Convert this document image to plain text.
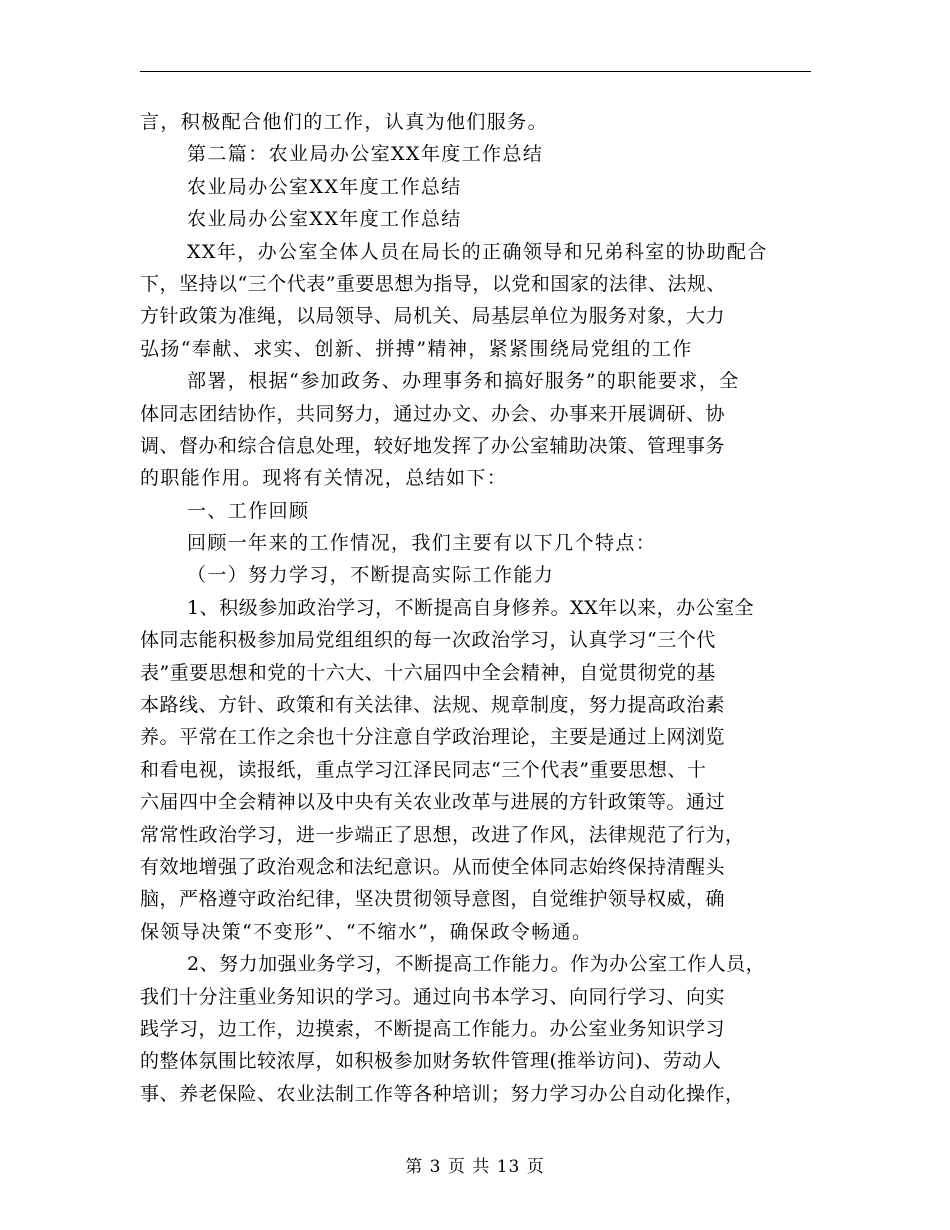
言，积极配合他们的工作，认真为他们服务。
第二篇：农业局办公室XX年度工作总结
农业局办公室XX年度工作总结
农业局办公室XX年度工作总结
XX年，办公室全体人员在局长的正确领导和兄弟科室的协助配合
下，坚持以“三个代表”重要思想为指导，以党和国家的法律、法规、
方针政策为准绳，以局领导、局机关、局基层单位为服务对象，大力
弘扬“奉献、求实、创新、拼搏”精神，紧紧围绕局党组的工作
部署，根据“参加政务、办理事务和搞好服务”的职能要求，全
体同志团结协作，共同努力，通过办文、办会、办事来开展调研、协
调、督办和综合信息处理，较好地发挥了办公室辅助决策、管理事务
的职能作用。现将有关情况，总结如下：
一、工作回顾
回顾一年来的工作情况，我们主要有以下几个特点：
（一）努力学习，不断提高实际工作能力
1、积级参加政治学习，不断提高自身修养。XX年以来，办公室全
体同志能积极参加局党组组织的每一次政治学习，认真学习“三个代
表”重要思想和党的十六大、十六届四中全会精神，自觉贯彻党的基
本路线、方针、政策和有关法律、法规、规章制度，努力提高政治素
养。平常在工作之余也十分注意自学政治理论，主要是通过上网浏览
和看电视，读报纸，重点学习江泽民同志“三个代表”重要思想、十
六届四中全会精神以及中央有关农业改革与进展的方针政策等。通过
常常性政治学习，进一步端正了思想，改进了作风，法律规范了行为，
有效地增强了政治观念和法纪意识。从而使全体同志始终保持清醒头
脑，严格遵守政治纪律，坚决贯彻领导意图，自觉维护领导权威，确
保领导决策“不变形”、“不缩水”，确保政令畅通。
2、努力加强业务学习，不断提高工作能力。作为办公室工作人员，
我们十分注重业务知识的学习。通过向书本学习、向同行学习、向实
践学习，边工作，边摸索，不断提高工作能力。办公室业务知识学习
的整体氛围比较浓厚，如积极参加财务软件管理(推举访问)、劳动人
事、养老保险、农业法制工作等各种培训；努力学习办公自动化操作，
第 3 页 共 13 页
